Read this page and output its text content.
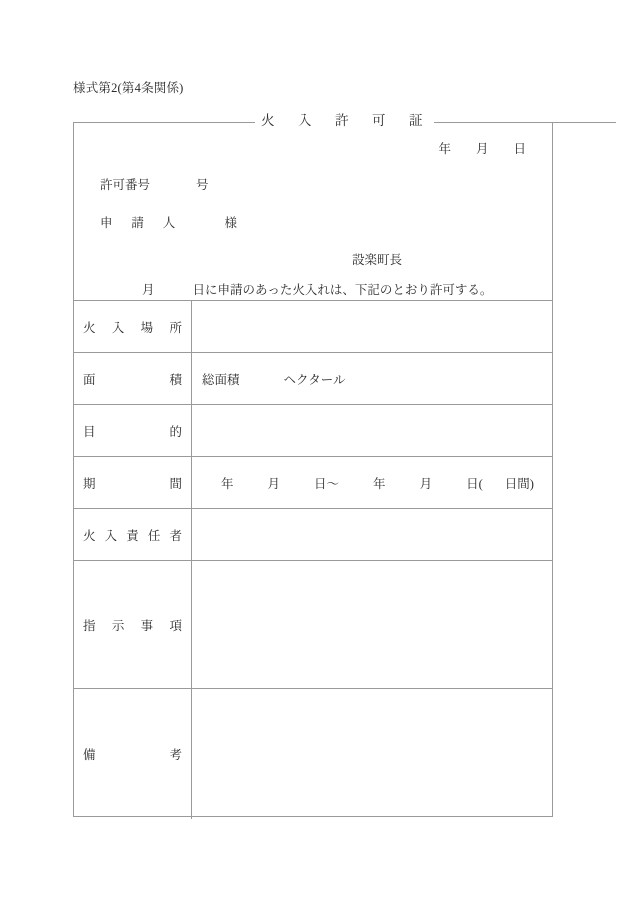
様式第2(第4条関係)
火　入　許　可　証
年　　月　　日
許可番号	号
申　請　人	様
設楽町長
月	日に申請のあった火入れは、下記のとおり許可する。
火 入 場 所	

面 積	総面積 ヘクタール

目 的	

期 間	年 月 日〜 年 月 日( 日間)

火 入 責 任 者	

指 示 事 項	

備 考	
